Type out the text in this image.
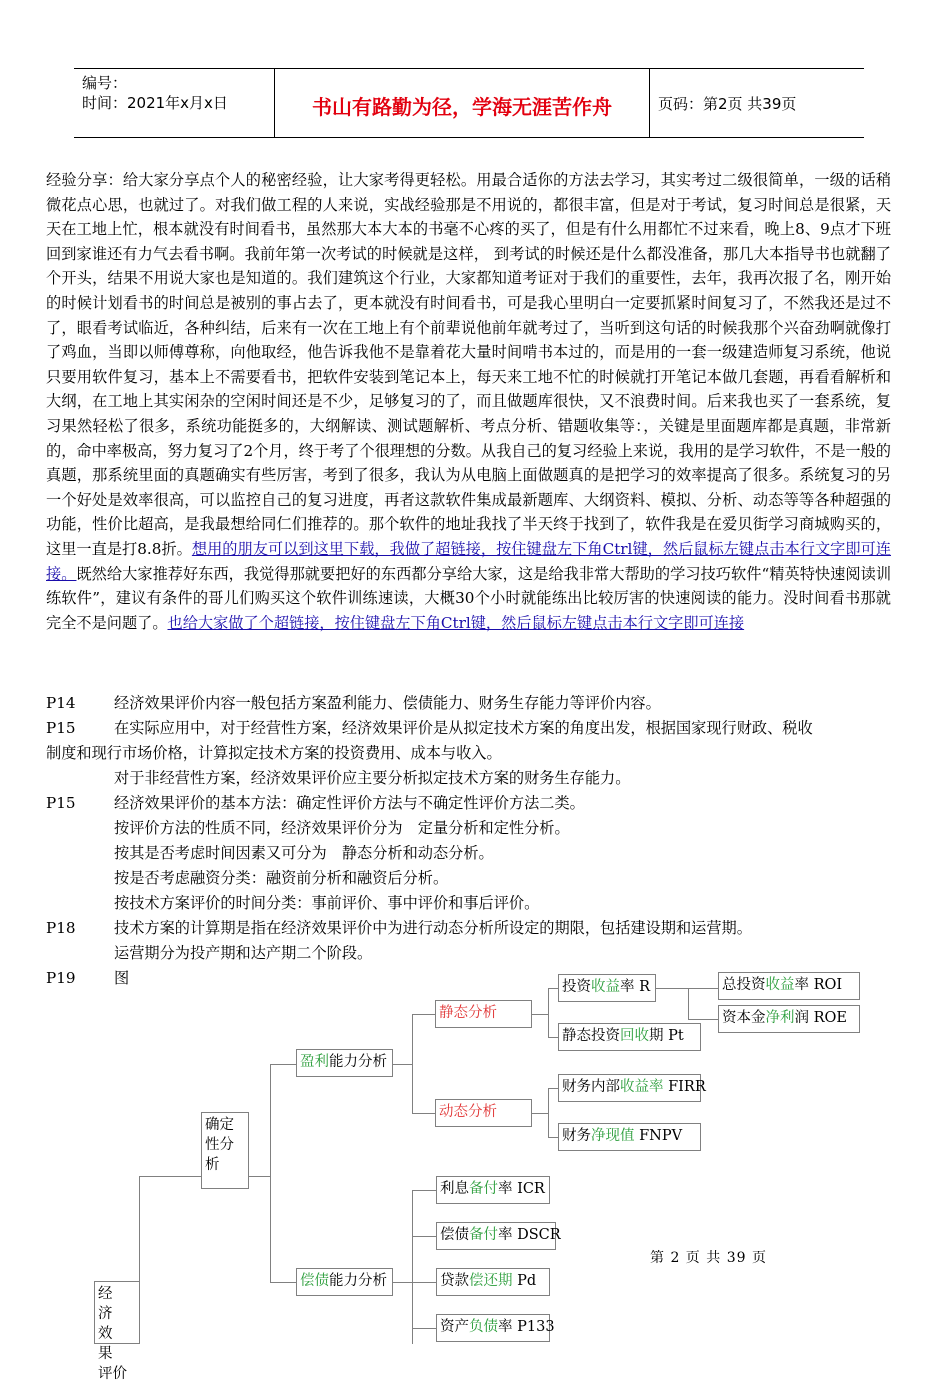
编号：
时间：2021年x月x日	书山有路勤为径，学海无涯苦作舟	页码：第2页 共39页
经验分享：给大家分享点个人的秘密经验，让大家考得更轻松。用最合适你的方法去学习，其实考过二级很简单，一级的话稍微花点心思，也就过了。对我们做工程的人来说，实战经验那是不用说的，都很丰富，但是对于考试，复习时间总是很紧，天天在工地上忙，根本就没有时间看书，虽然那大本大本的书毫不心疼的买了，但是有什么用都忙不过来看，晚上8、9点才下班回到家谁还有力气去看书啊。我前年第一次考试的时候就是这样， 到考试的时候还是什么都没准备，那几大本指导书也就翻了个开头，结果不用说大家也是知道的。我们建筑这个行业，大家都知道考证对于我们的重要性，去年，我再次报了名，刚开始的时候计划看书的时间总是被别的事占去了，更本就没有时间看书，可是我心里明白一定要抓紧时间复习了，不然我还是过不了，眼看考试临近，各种纠结，后来有一次在工地上有个前辈说他前年就考过了，当听到这句话的时候我那个兴奋劲啊就像打了鸡血，当即以师傅尊称，向他取经，他告诉我他不是靠着花大量时间啃书本过的，而是用的一套一级建造师复习系统，他说只要用软件复习，基本上不需要看书，把软件安装到笔记本上，每天来工地不忙的时候就打开笔记本做几套题，再看看解析和大纲，在工地上其实闲杂的空闲时间还是不少，足够复习的了，而且做题库很快，又不浪费时间。后来我也买了一套系统，复习果然轻松了很多，系统功能挺多的，大纲解读、测试题解析、考点分析、错题收集等：，关键是里面题库都是真题，非常新的，命中率极高，努力复习了2个月，终于考了个很理想的分数。从我自己的复习经验上来说，我用的是学习软件，不是一般的真题，那系统里面的真题确实有些厉害，考到了很多，我认为从电脑上面做题真的是把学习的效率提高了很多。系统复习的另一个好处是效率很高，可以监控自己的复习进度，再者这款软件集成最新题库、大纲资料、模拟、分析、动态等等各种超强的功能，性价比超高，是我最想给同仁们推荐的。那个软件的地址我找了半天终于找到了，软件我是在爱贝街学习商城购买的，这里一直是打8.8折。想用的朋友可以到这里下载，我做了超链接，按住键盘左下角Ctrl键，然后鼠标左键点击本行文字即可连接。既然给大家推荐好东西，我觉得那就要把好的东西都分享给大家，这是给我非常大帮助的学习技巧软件“精英特快速阅读训练软件”，建议有条件的哥儿们购买这个软件训练速读，大概30个小时就能练出比较厉害的快速阅读的能力。没时间看书那就完全不是问题了。也给大家做了个超链接，按住键盘左下角Ctrl键，然后鼠标左键点击本行文字即可连接
P14	经济效果评价内容一般包括方案盈利能力、偿债能力、财务生存能力等评价内容。
P15	在实际应用中，对于经营性方案，经济效果评价是从拟定技术方案的角度出发，根据国家现行财政、税收
制度和现行市场价格，计算拟定技术方案的投资费用、成本与收入。
对于非经营性方案，经济效果评价应主要分析拟定技术方案的财务生存能力。
P15	经济效果评价的基本方法：确定性评价方法与不确定性评价方法二类。
按评价方法的性质不同，经济效果评价分为　定量分析和定性分析。
按其是否考虑时间因素又可分为　静态分析和动态分析。
按是否考虑融资分类：融资前分析和融资后分析。
按技术方案评价的时间分类：事前评价、事中评价和事后评价。
P18	技术方案的计算期是指在经济效果评价中为进行动态分析所设定的期限，包括建设期和运营期。
运营期分为投产期和达产期二个阶段。
P19	图
经　济
效　果
评价
确定
性分
析
盈利能力分析
静态分析
动态分析
投资收益率 R
静态投资回收期 Pt
总投资收益率 ROI
资本金净利润 ROE
财务内部收益率 FIRR
财务净现值 FNPV
偿债能力分析
利息备付率 ICR
偿债备付率 DSCR
贷款偿还期 Pd
资产负债率 P133
第 2 页 共 39 页
